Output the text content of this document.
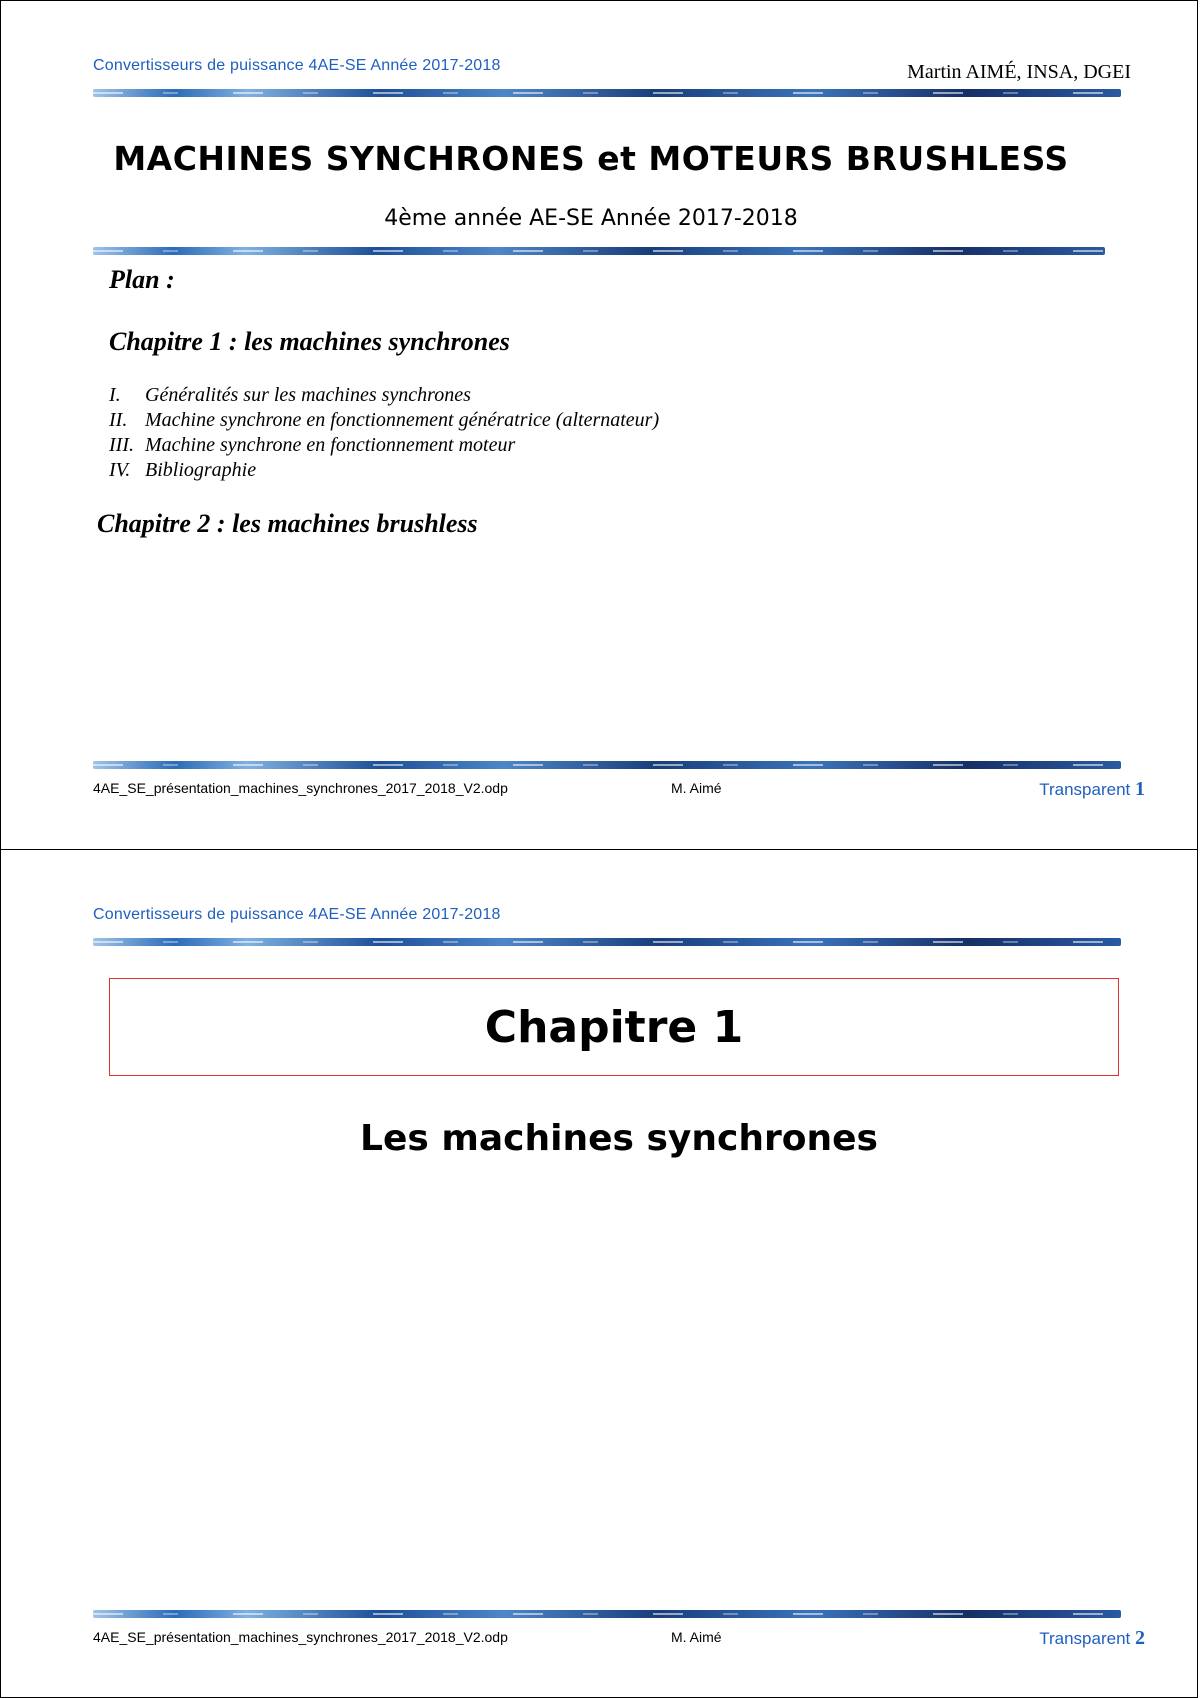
Convertisseurs de puissance 4AE-SE Année 2017-2018	Martin AIMÉ, INSA, DGEI
MACHINES SYNCHRONES et MOTEURS BRUSHLESS
4ème année AE-SE Année 2017-2018
Plan :
Chapitre 1 : les machines synchrones
I.	Généralités sur les machines synchrones
II. Machine synchrone en fonctionnement génératrice (alternateur)
III. Machine synchrone en fonctionnement moteur
IV. Bibliographie
Chapitre 2 : les machines brushless
4AE_SE_présentation_machines_synchrones_2017_2018_V2.odp	M. Aimé	Transparent 1
Convertisseurs de puissance 4AE-SE Année 2017-2018
Chapitre 1
Les machines synchrones
4AE_SE_présentation_machines_synchrones_2017_2018_V2.odp	M. Aimé	Transparent 2
